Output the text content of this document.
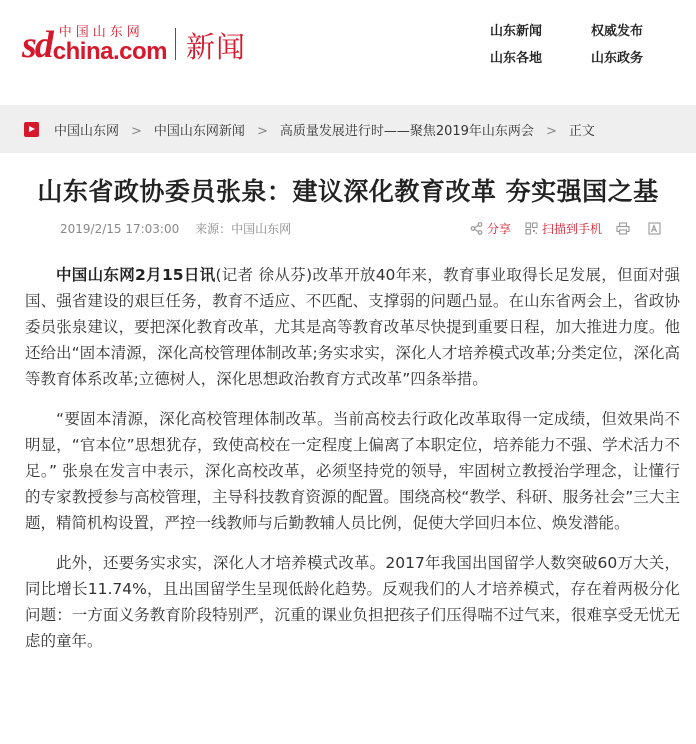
sd 中国山东网
china.com 新闻	山东新闻	权威发布
山东各地	山东政务
中国山东网 > 中国山东网新闻 > 高质量发展进行时——聚焦2019年山东两会 > 正文
山东省政协委员张泉：建议深化教育改革 夯实强国之基
2019/2/15 17:03:00 来源：中国山东网	分享	扫描到手机

中国山东网2月15日讯(记者 徐从芬)改革开放40年来，教育事业取得长足发展，但面对强国、强省建设的艰巨任务，教育不适应、不匹配、支撑弱的问题凸显。在山东省两会上，省政协委员张泉建议，要把深化教育改革，尤其是高等教育改革尽快提到重要日程，加大推进力度。他还给出“固本清源，深化高校管理体制改革;务实求实，深化人才培养模式改革;分类定位，深化高等教育体系改革;立德树人，深化思想政治教育方式改革”四条举措。

“要固本清源，深化高校管理体制改革。当前高校去行政化改革取得一定成绩，但效果尚不明显，“官本位”思想犹存，致使高校在一定程度上偏离了本职定位，培养能力不强、学术活力不足。” 张泉在发言中表示，深化高校改革，必须坚持党的领导，牢固树立教授治学理念，让懂行的专家教授参与高校管理，主导科技教育资源的配置。围绕高校“教学、科研、服务社会”三大主题，精简机构设置，严控一线教师与后勤教辅人员比例，促使大学回归本位、焕发潜能。

此外，还要务实求实，深化人才培养模式改革。2017年我国出国留学人数突破60万大关，同比增长11.74%，且出国留学生呈现低龄化趋势。反观我们的人才培养模式，存在着两极分化问题：一方面义务教育阶段特别严，沉重的课业负担把孩子们压得喘不过气来，很难享受无忧无虑的童年。
